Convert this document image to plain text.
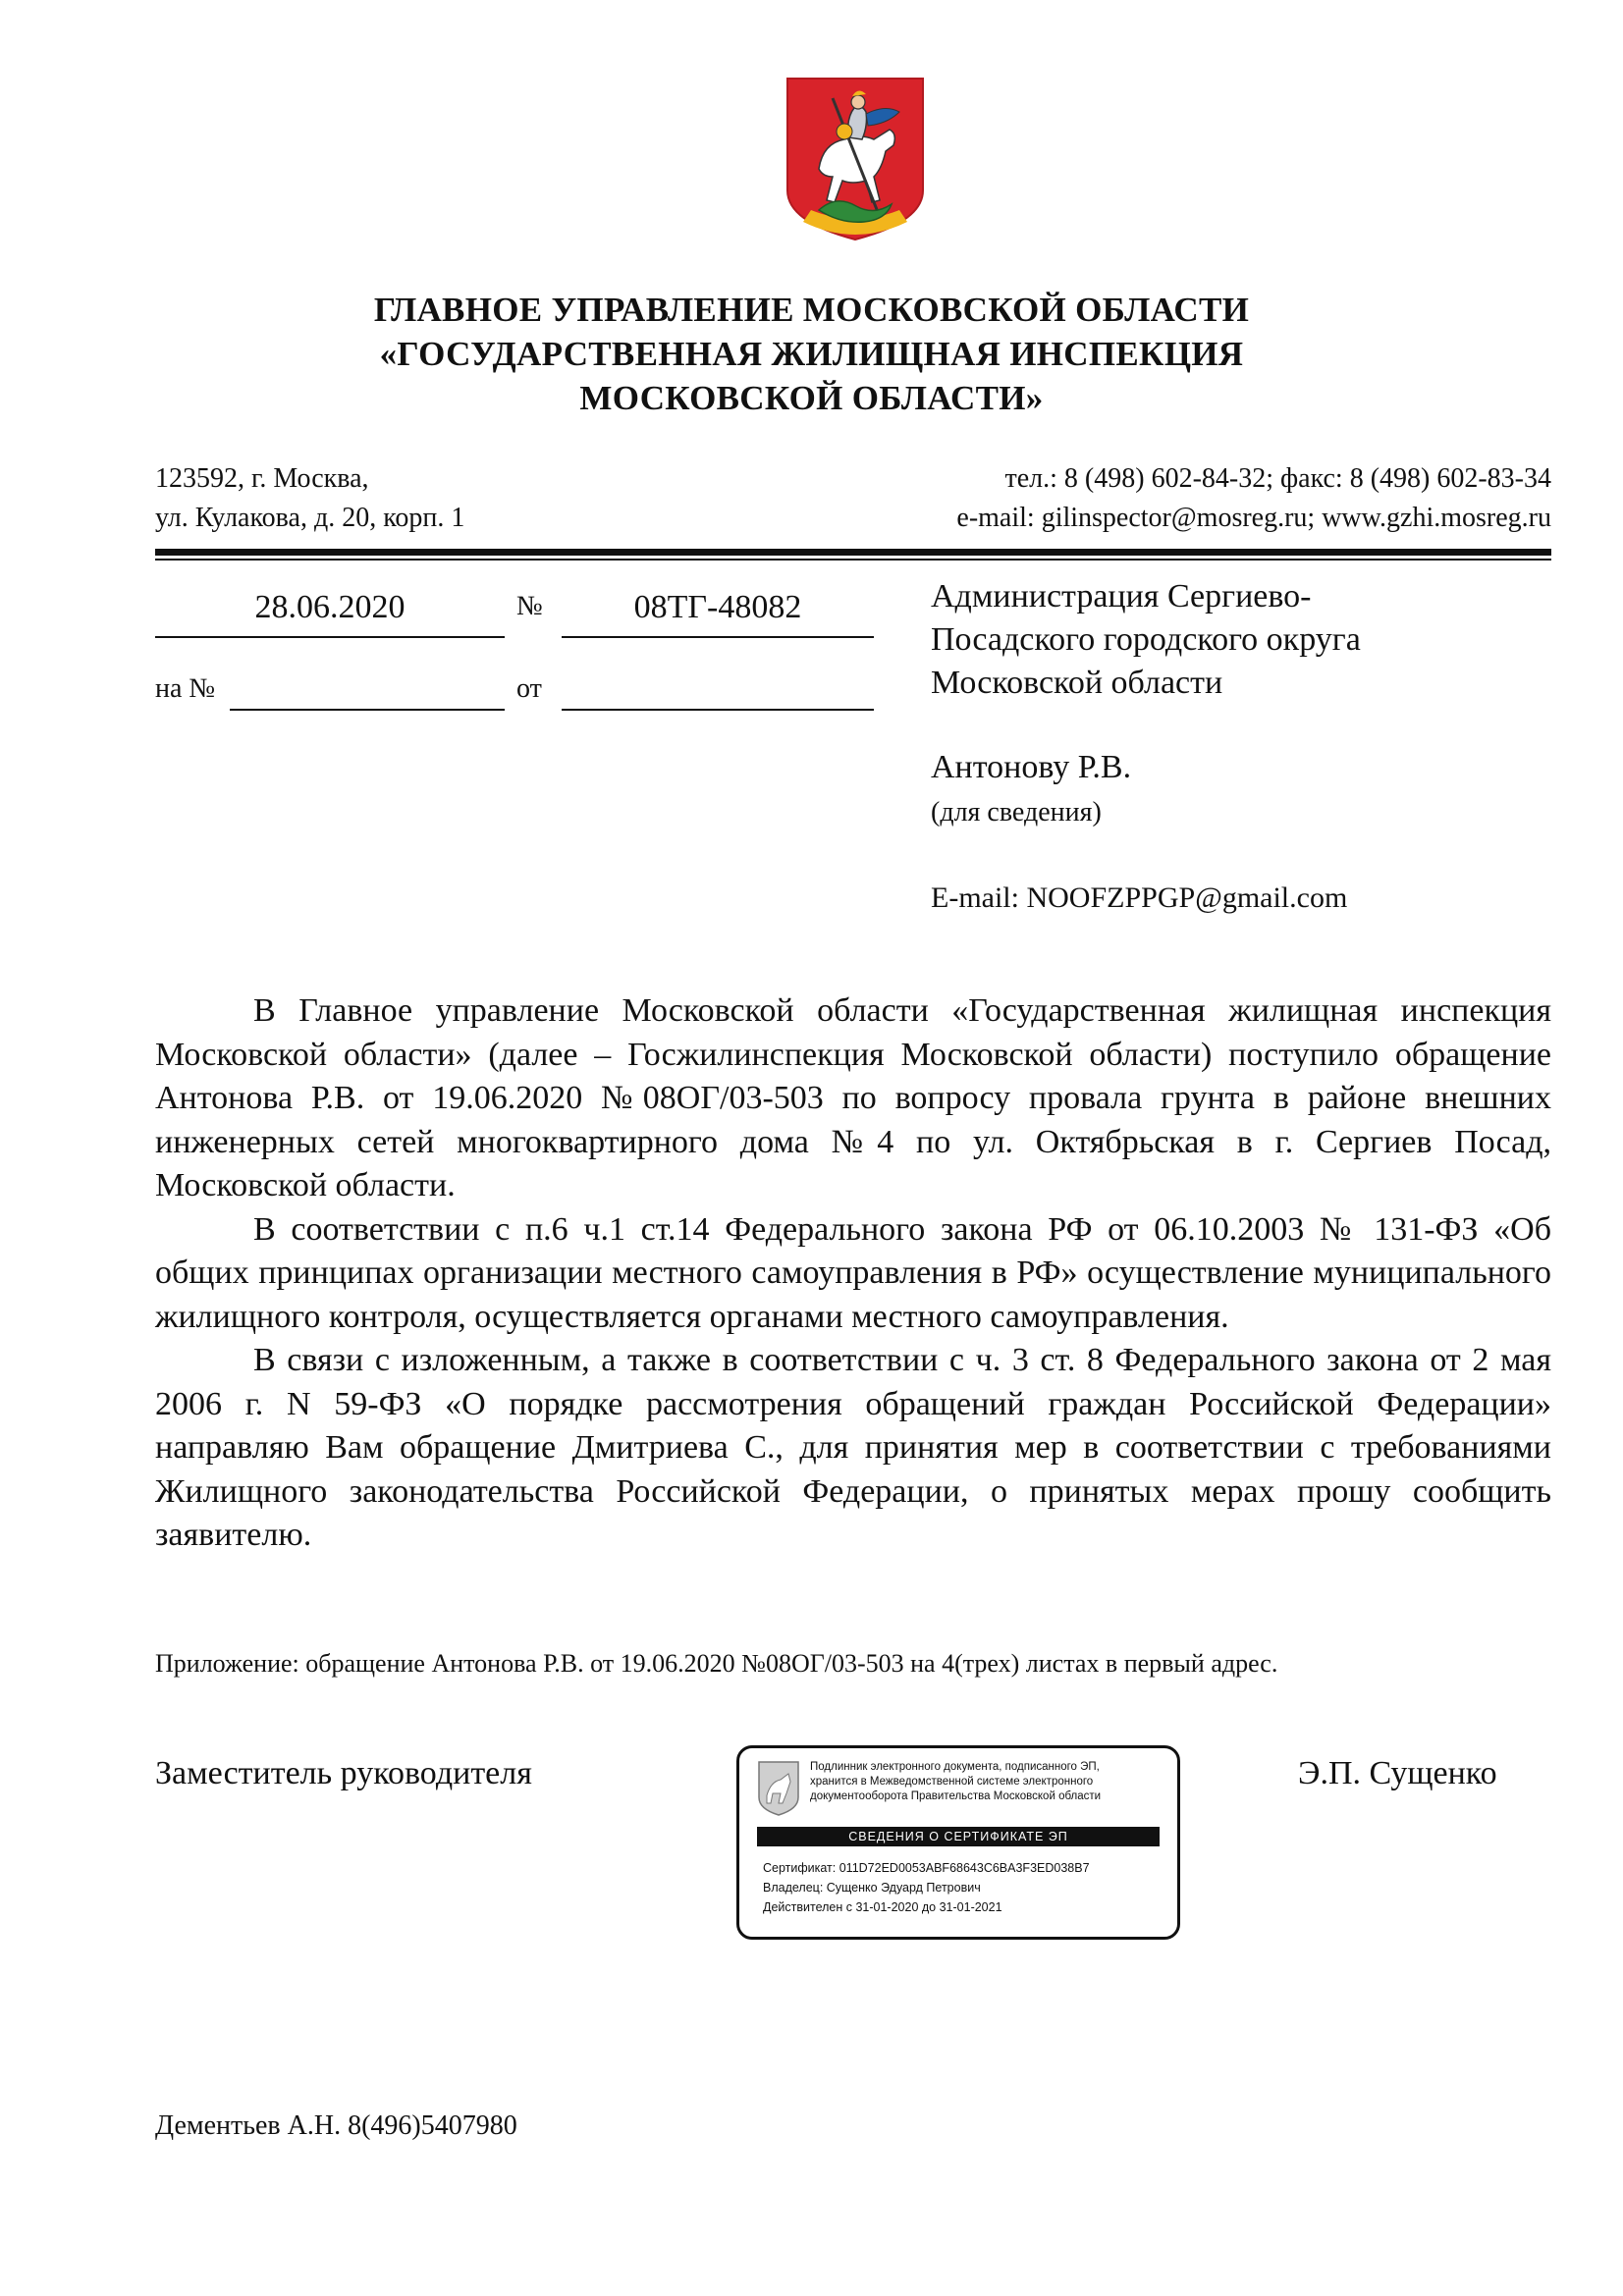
ГЛАВНОЕ УПРАВЛЕНИЕ МОСКОВСКОЙ ОБЛАСТИ
«ГОСУДАРСТВЕННАЯ ЖИЛИЩНАЯ ИНСПЕКЦИЯ
МОСКОВСКОЙ ОБЛАСТИ»
123592, г. Москва,
ул. Кулакова, д. 20, корп. 1
тел.: 8 (498) 602-84-32; факс: 8 (498) 602-83-34
e-mail: gilinspector@mosreg.ru; www.gzhi.mosreg.ru
28.06.2020	№	08ТГ-48082
на №	от
Администрация Сергиево-
Посадского городского округа
Московской области
Антонову Р.В.
(для сведения)
E-mail: NOOFZPPGP@gmail.com

В Главное управление Московской области «Государственная жилищная инспекция Московской области» (далее – Госжилинспекция Московской области) поступило обращение Антонова Р.В. от 19.06.2020 №08ОГ/03-503 по вопросу провала грунта в районе внешних инженерных сетей многоквартирного дома №4 по ул. Октябрьская в г. Сергиев Посад, Московской области.

В соответствии с п.6 ч.1 ст.14 Федерального закона РФ от 06.10.2003 № 131-ФЗ «Об общих принципах организации местного самоуправления в РФ» осуществление муниципального жилищного контроля, осуществляется органами местного самоуправления.

В связи с изложенным, а также в соответствии с ч. 3 ст. 8 Федерального закона от 2 мая 2006 г. N 59-ФЗ «О порядке рассмотрения обращений граждан Российской Федерации» направляю Вам обращение Дмитриева С., для принятия мер в соответствии с требованиями Жилищного законодательства Российской Федерации, о принятых мерах прошу сообщить заявителю.

Приложение: обращение Антонова Р.В. от 19.06.2020 №08ОГ/03-503 на 4(трех) листах в первый адрес.
Заместитель руководителя	Э.П. Сущенко
Подлинник электронного документа, подписанного ЭП,
хранится в Межведомственной системе электронного
документооборота Правительства Московской области
СВЕДЕНИЯ О СЕРТИФИКАТЕ ЭП
Сертификат: 011D72ED0053ABF68643C6BA3F3ED038B7
Владелец: Сущенко Эдуард Петрович
Действителен с 31-01-2020 до 31-01-2021
Дементьев А.Н. 8(496)5407980
